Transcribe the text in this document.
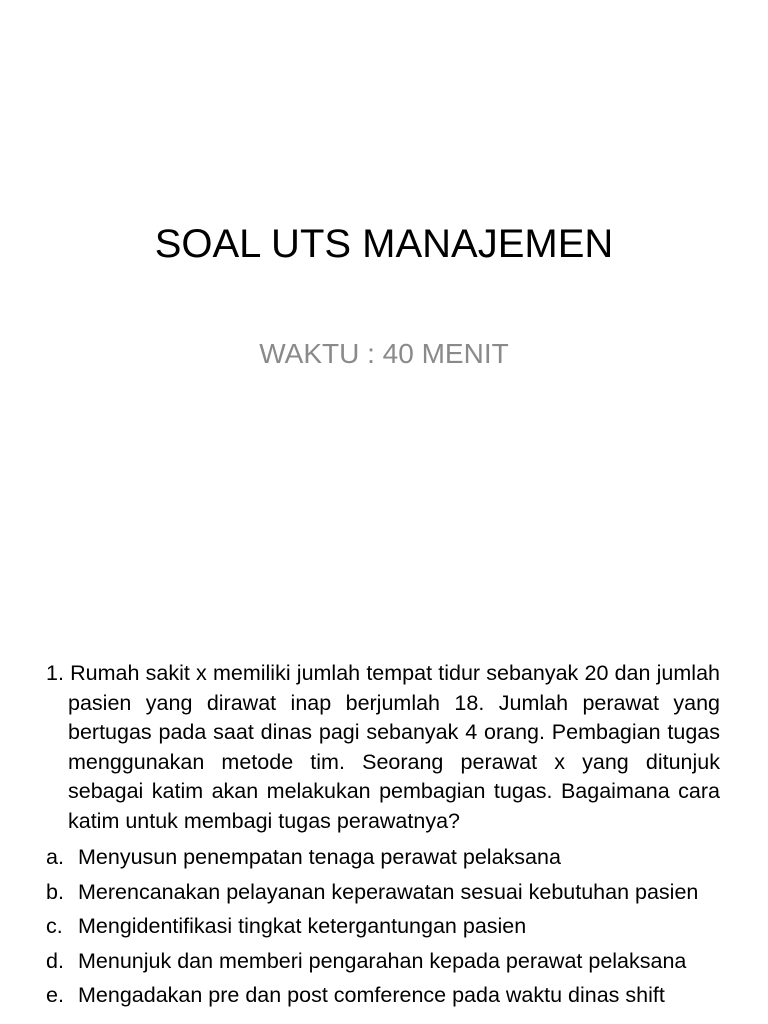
SOAL UTS MANAJEMEN
WAKTU : 40 MENIT
1. Rumah sakit x memiliki jumlah tempat tidur sebanyak 20 dan jumlah pasien yang dirawat inap berjumlah 18. Jumlah perawat yang bertugas pada saat dinas pagi sebanyak 4 orang. Pembagian tugas menggunakan metode tim. Seorang perawat x yang ditunjuk sebagai katim akan melakukan pembagian tugas. Bagaimana cara katim untuk membagi tugas perawatnya?
a. Menyusun penempatan tenaga perawat pelaksana
b. Merencanakan pelayanan keperawatan sesuai kebutuhan pasien
c. Mengidentifikasi tingkat ketergantungan pasien
d. Menunjuk dan memberi pengarahan kepada perawat pelaksana
e. Mengadakan pre dan post comference pada waktu dinas shift
